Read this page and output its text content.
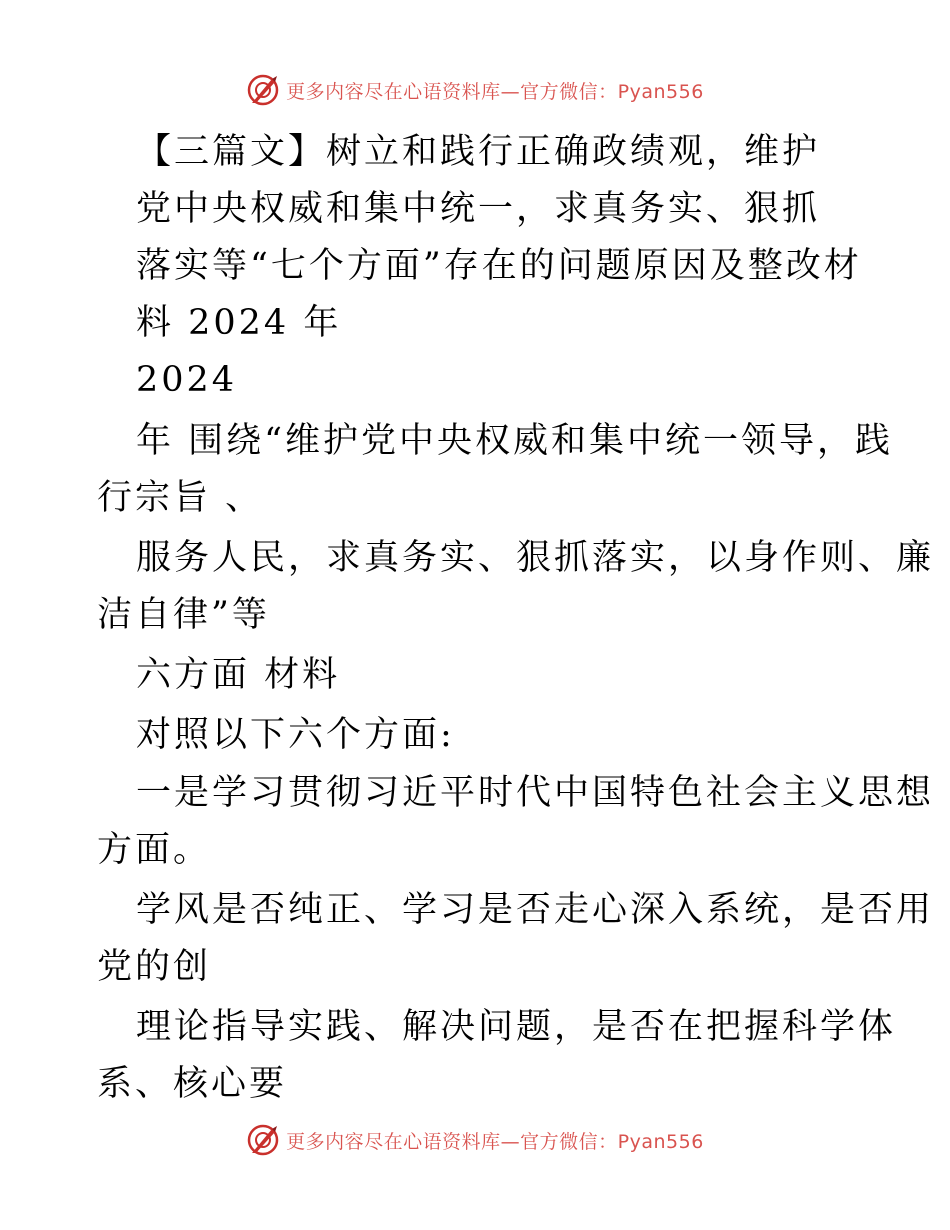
更多内容尽在心语资料库—官方微信：Pyan556
【三篇文】树立和践行正确政绩观，维护
党中央权威和集中统一，求真务实、狠抓
落实等“七个方面”存在的问题原因及整改材
料 2024 年
2024
年 围绕“维护党中央权威和集中统一领导，践
行宗旨 、
服务人民，求真务实、狠抓落实，以身作则、廉
洁自律”等
六方面 材料
对照以下六个方面:
一是学习贯彻习近平时代中国特色社会主义思想
方面。
学风是否纯正、学习是否走心深入系统，是否用
党的创
理论指导实践、解决问题，是否在把握科学体
系、核心要
更多内容尽在心语资料库—官方微信：Pyan556
